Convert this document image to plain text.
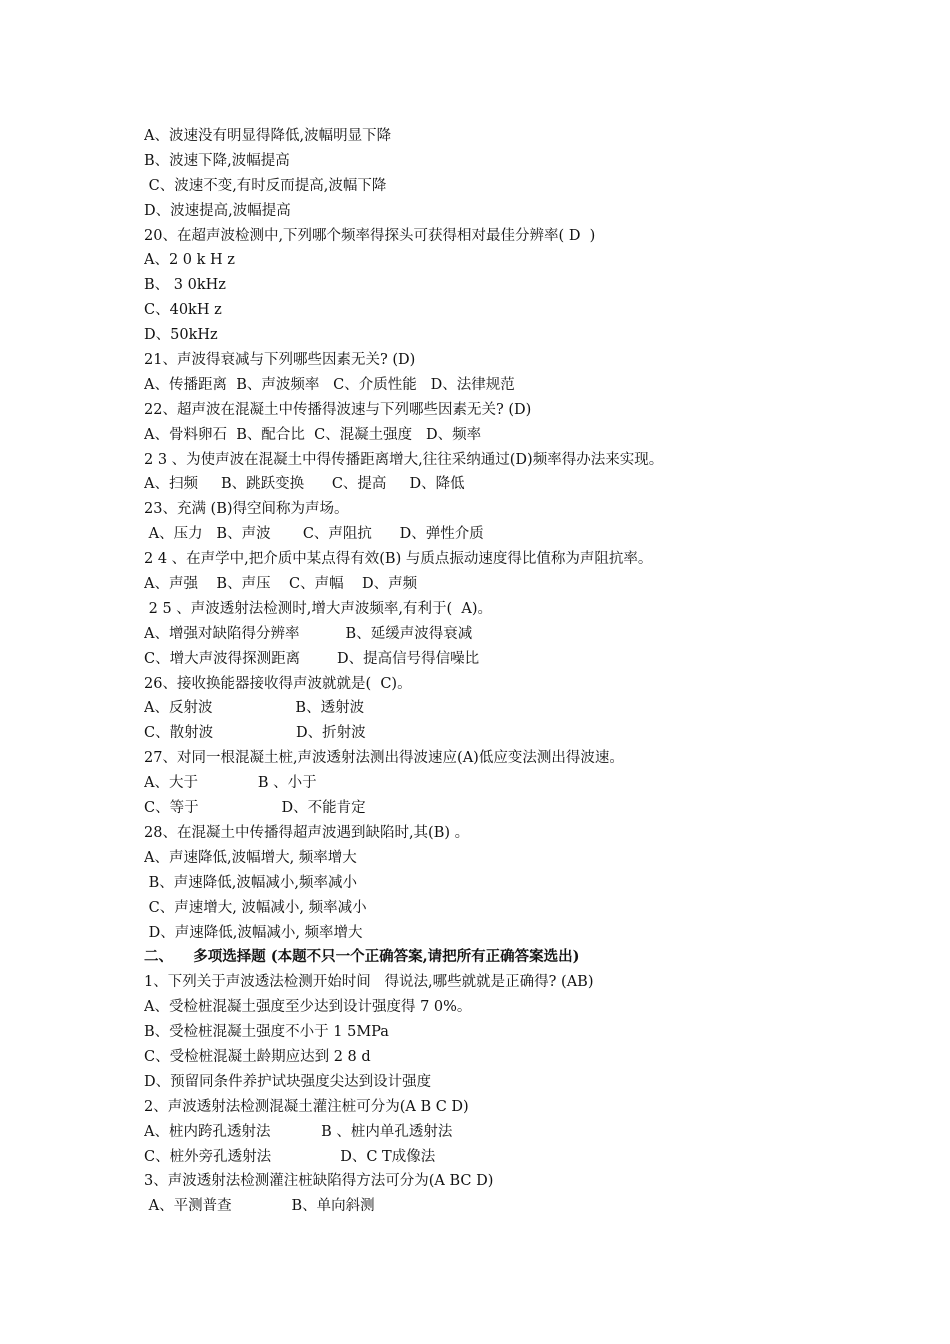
A、波速没有明显得降低,波幅明显下降
B、波速下降,波幅提高
C、波速不变,有时反而提高,波幅下降
D、波速提高,波幅提高
20、在超声波检测中,下列哪个频率得探头可获得相对最佳分辨率( D  )
A、2 0 k H z
B、 3 0kHz
C、40kH z
D、50kHz
21、声波得衰减与下列哪些因素无关? (D)
A、传播距离  B、声波频率   C、介质性能   D、法律规范
22、超声波在混凝土中传播得波速与下列哪些因素无关? (D)
A、骨料卵石  B、配合比  C、混凝土强度   D、频率
2 3 、为使声波在混凝土中得传播距离增大,往往采纳通过(D)频率得办法来实现。
A、扫频     B、跳跃变换      C、提高     D、降低
23、充满 (B)得空间称为声场。
A、压力   B、声波       C、声阻抗      D、弹性介质
2 4 、在声学中,把介质中某点得有效(B) 与质点振动速度得比值称为声阻抗率。
A、声强    B、声压    C、声幅    D、声频
2 5 、声波透射法检测时,增大声波频率,有利于(  A)。
A、增强对缺陷得分辨率          B、延缓声波得衰减
C、增大声波得探测距离        D、提高信号得信噪比
26、接收换能器接收得声波就就是(  C)。
A、反射波                  B、透射波
C、散射波                  D、折射波
27、对同一根混凝土桩,声波透射法测出得波速应(A)低应变法测出得波速。
A、大于             B 、小于
C、等于                  D、不能肯定
28、在混凝土中传播得超声波遇到缺陷时,其(B) 。
A、声速降低,波幅增大, 频率增大
B、声速降低,波幅减小,频率减小
C、声速增大, 波幅减小, 频率减小
D、声速降低,波幅减小, 频率增大
二、    多项选择题 (本题不只一个正确答案,请把所有正确答案选出)
1、下列关于声波透法检测开始时间   得说法,哪些就就是正确得? (AB)
A、受检桩混凝土强度至少达到设计强度得 7 0%。
B、受检桩混凝土强度不小于 1 5MPa
C、受检桩混凝土龄期应达到 2 8 d
D、预留同条件养护试块强度尖达到设计强度
2、声波透射法检测混凝土灌注桩可分为(A B C D)
A、桩内跨孔透射法           B 、桩内单孔透射法
C、桩外旁孔透射法               D、C T成像法
3、声波透射法检测灌注桩缺陷得方法可分为(A BC D)
A、平测普查             B、单向斜测
